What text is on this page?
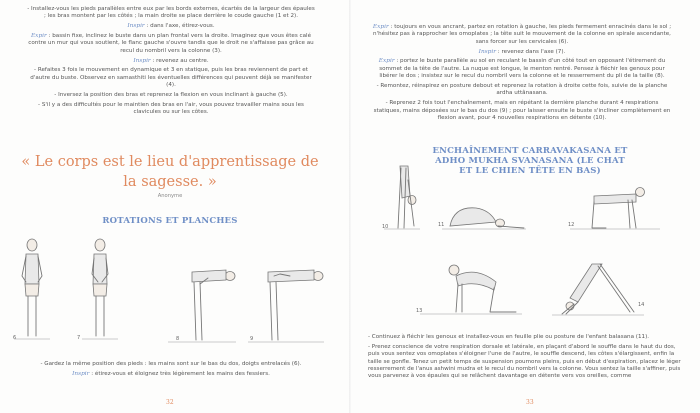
- Installez-vous les pieds parallèles entre eux par les bords externes, écartés de la largeur des épaules ; les bras montent par les côtés ; la main droite se place derrière le coude gauche (1 et 2).

Inspir : dans l'axe, étirez-vous.

Expir : bassin fixe, inclinez le buste dans un plan frontal vers la droite. Imaginez que vous êtes calé contre un mur qui vous soutient, le flanc gauche s'ouvre tandis que le droit ne s'affaisse pas grâce au recul du nombril vers la colonne (3).

Inspir : revenez au centre.

- Refaites 3 fois le mouvement en dynamique et 3 en statique, puis les bras reviennent de part et d'autre du buste. Observez en samasthiti les éventuelles différences qui peuvent déjà se manifester (4).

- Inversez la position des bras et reprenez la flexion en vous inclinant à gauche (5).

- S'il y a des difficultés pour le maintien des bras en l'air, vous pouvez travailler mains sous les clavicules ou sur les côtes.

« Le corps est le lieu d'apprentissage de la sagesse. »
Anonyme
ROTATIONS ET PLANCHES
6	7	8	9

- Gardez la même position des pieds : les mains sont sur le bas du dos, doigts entrelacés (6).

Inspir : étirez-vous et éloignez très légèrement les mains des fessiers.

32

Expir : toujours en vous ancrant, partez en rotation à gauche, les pieds fermement enracinés dans le sol ; n'hésitez pas à rapprocher les omoplates ; la tête suit le mouvement de la colonne en spirale ascendante, sans forcer sur les cervicales (6).

Inspir : revenez dans l'axe (7).

Expir : portez le buste parallèle au sol en reculant le bassin d'un côté tout en opposant l'étirement du sommet de la tête de l'autre. La nuque est longue, le menton rentré. Pensez à fléchir les genoux pour libérer le dos ; insistez sur le recul du nombril vers la colonne et le resserrement du pli de la taille (8).

- Remontez, réinspirez en posture debout et reprenez la rotation à droite cette fois, suivie de la planche ardha uttânasana.

- Reprenez 2 fois tout l'enchaînement, mais en répétant la dernière planche durant 4 respirations statiques, mains déposées sur le bas du dos (9) ; pour laisser ensuite le buste s'incliner complètement en flexion avant, pour 4 nouvelles respirations en détente (10).

ENCHAÎNEMENT CARRAVAKASANA ET ADHO MUKHA SVANASANA (LE CHAT ET LE CHIEN TÊTE EN BAS)
10	11	12
13
14

- Continuez à fléchir les genoux et installez-vous en feuille plie ou posture de l'enfant balasana (11).

- Prenez conscience de votre respiration dorsale et latérale, en plaçant d'abord le souffle dans le haut du dos, puis vous sentez vos omoplates s'éloigner l'une de l'autre, le souffle descend, les côtes s'élargissent, enfin la taille se gonfle. Tenez un petit temps de suspension poumons pleins, puis en début d'expiration, placez le léger resserrement de l'anus ashwini mudra et le recul du nombril vers la colonne. Vous sentez la taille s'affiner, puis vous parvenez à vos épaules qui se relâchent davantage en détente vers vos oreilles, comme

33
